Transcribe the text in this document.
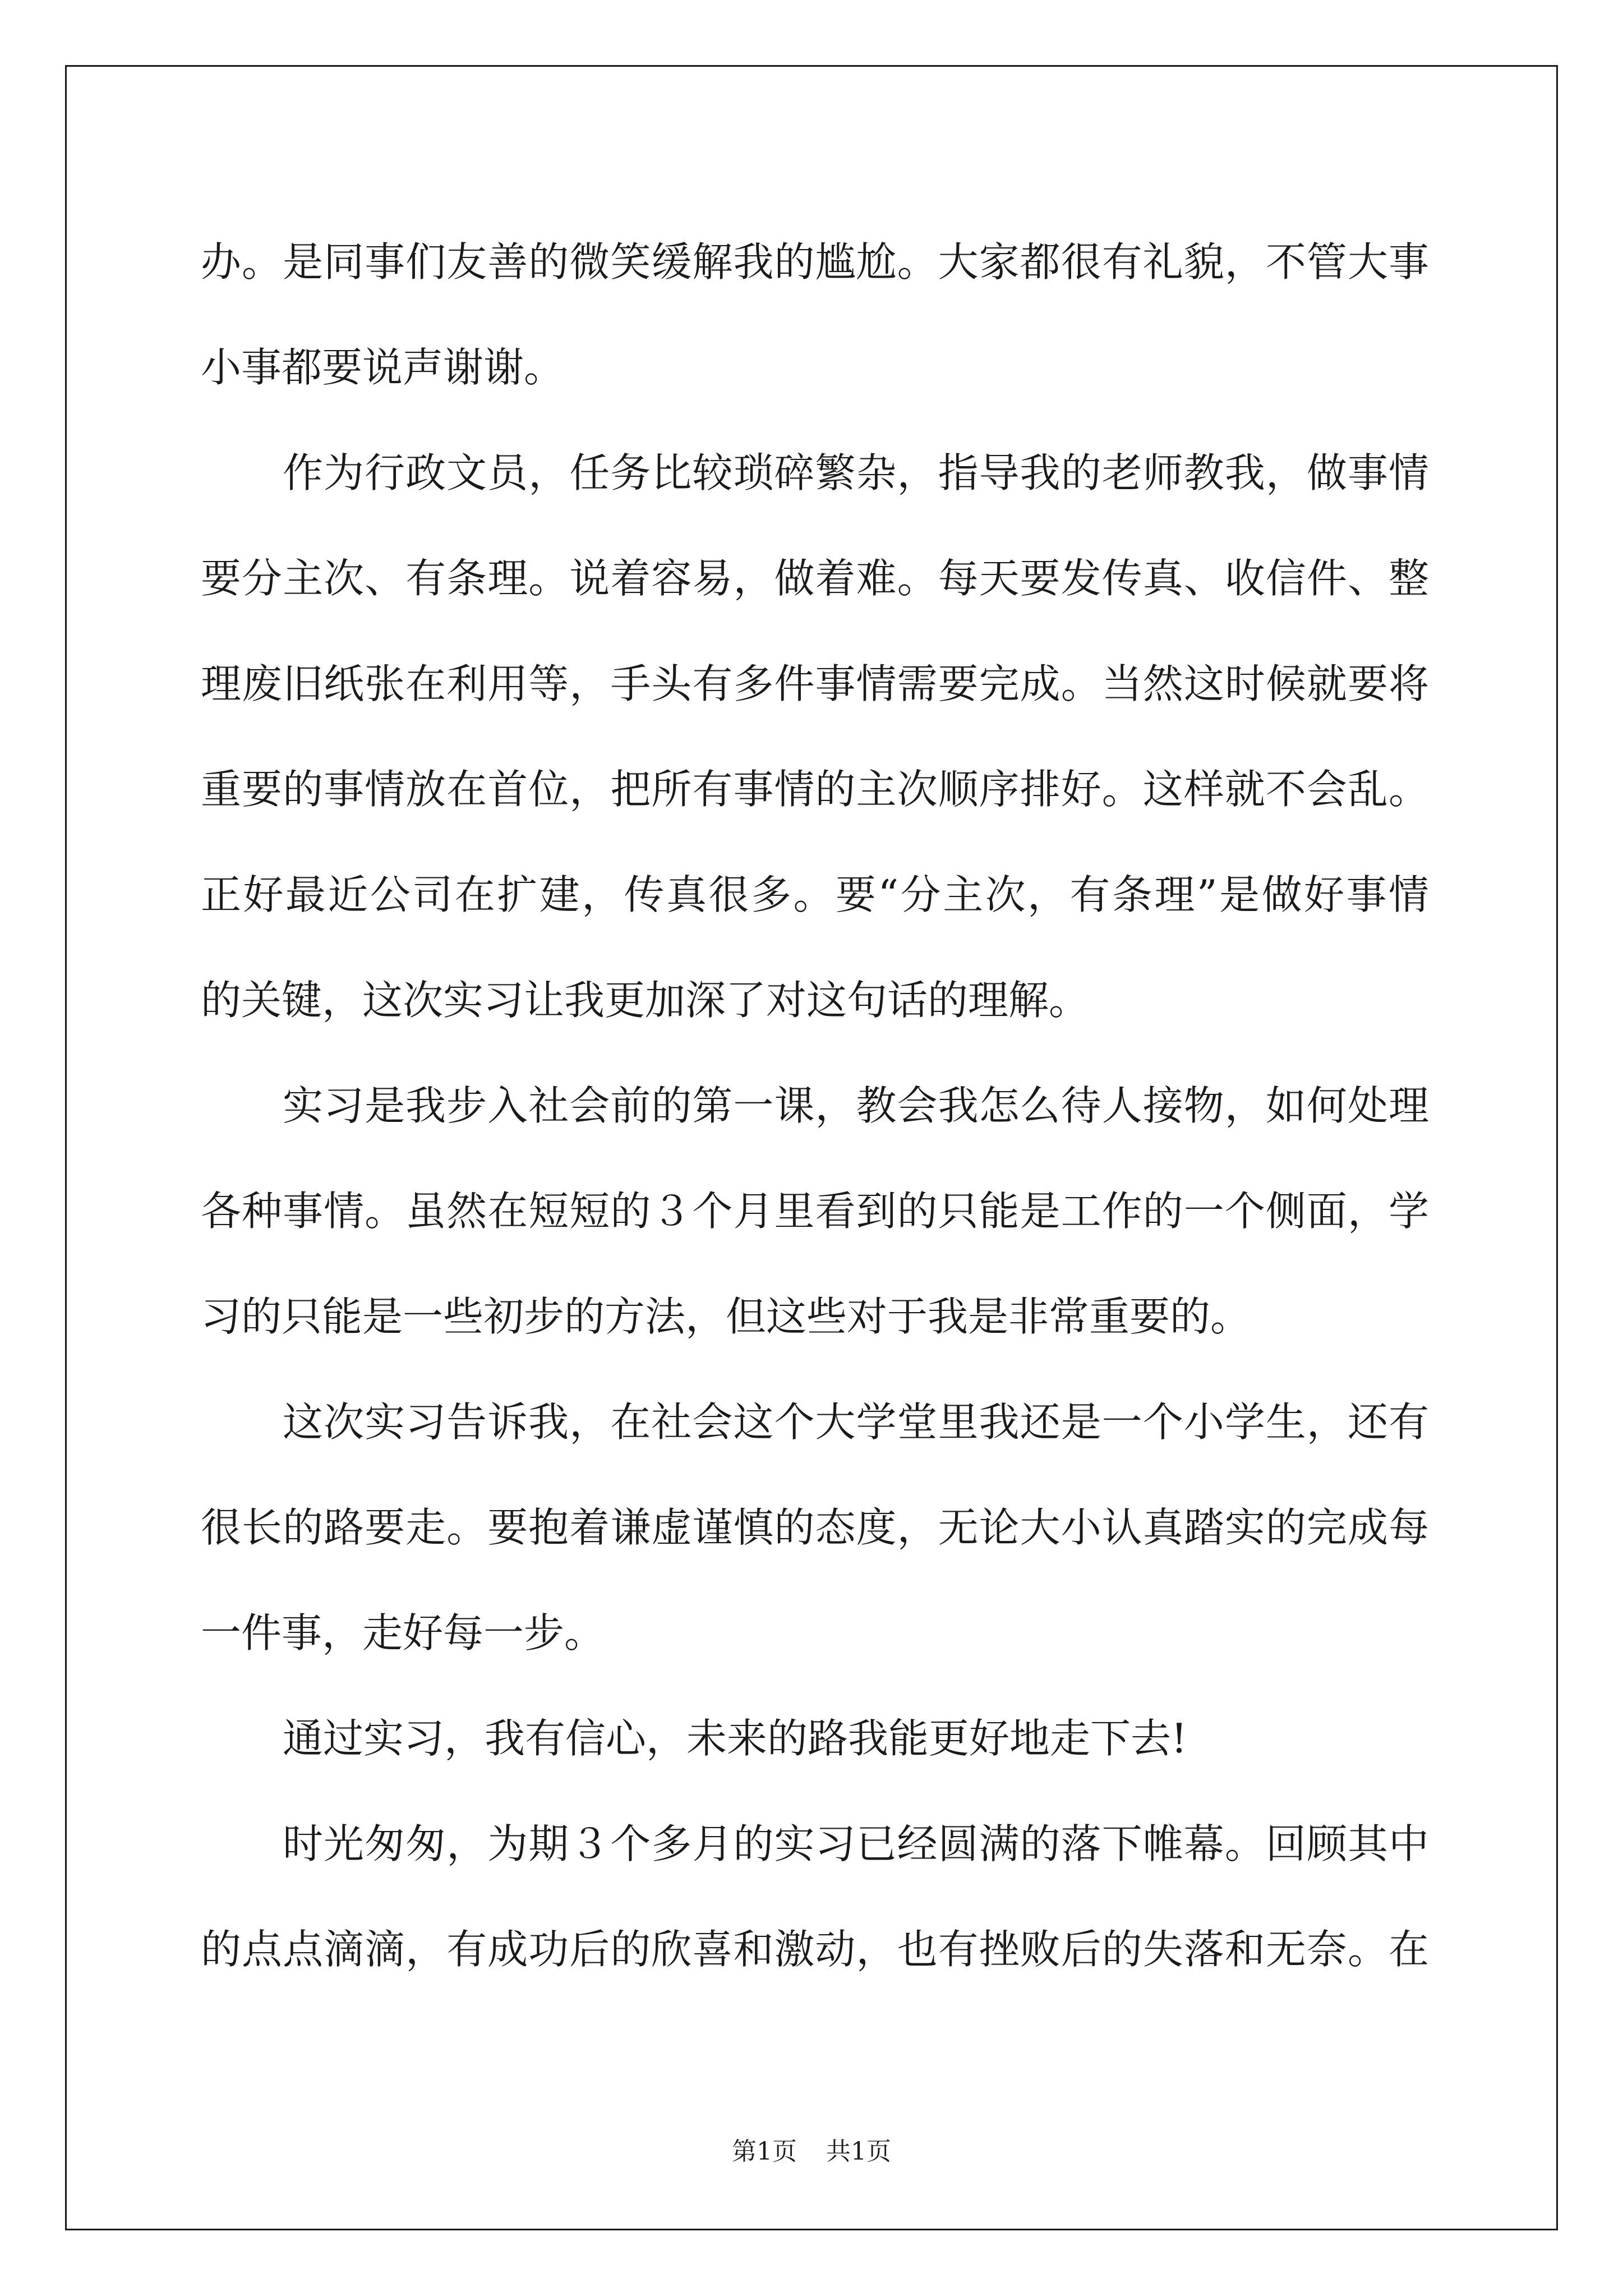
办。是同事们友善的微笑缓解我的尴尬。大家都很有礼貌，不管大事
小事都要说声谢谢。
作为行政文员，任务比较琐碎繁杂，指导我的老师教我，做事情
要分主次、有条理。说着容易，做着难。每天要发传真、收信件、整
理废旧纸张在利用等，手头有多件事情需要完成。当然这时候就要将
重要的事情放在首位，把所有事情的主次顺序排好。这样就不会乱。
正好最近公司在扩建，传真很多。要“分主次，有条理”是做好事情
的关键，这次实习让我更加深了对这句话的理解。
实习是我步入社会前的第一课，教会我怎么待人接物，如何处理
各种事情。虽然在短短的３个月里看到的只能是工作的一个侧面，学
习的只能是一些初步的方法，但这些对于我是非常重要的。
这次实习告诉我，在社会这个大学堂里我还是一个小学生，还有
很长的路要走。要抱着谦虚谨慎的态度，无论大小认真踏实的完成每
一件事，走好每一步。
通过实习，我有信心，未来的路我能更好地走下去!
时光匆匆，为期３个多月的实习已经圆满的落下帷幕。回顾其中
的点点滴滴，有成功后的欣喜和激动，也有挫败后的失落和无奈。在
第1页 共1页
